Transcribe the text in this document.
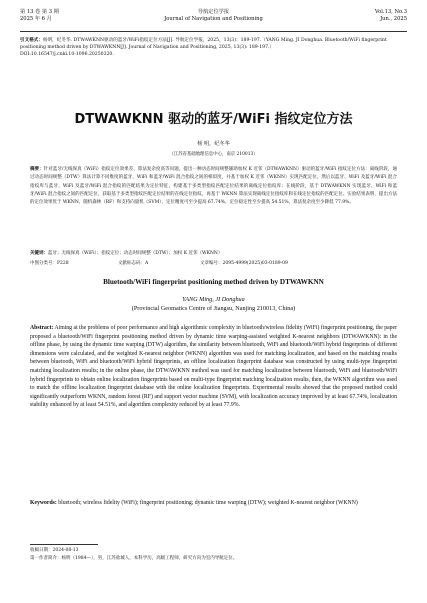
第 13 卷 第 3 期
2025 年 6 月
导航定位学报
Journal of Navigation and Positioning
Vol.13, No.3
Jun., 2025
引文格式：杨明，纪冬华. DTWAWKNN驱动的蓝牙/WiFi指纹定位方法[J]. 导航定位学报，2025，13(3)：189-197.（YANG Ming, JI Donghua. Bluetooth/WiFi fingerprint positioning method driven by DTWAWKNN[J]. Journal of Navigation and Positioning, 2025, 13(3): 189-197.）
DOI:10.16547/j.cnki.10-1096.20250320.
DTWAWKNN 驱动的蓝牙/WiFi 指纹定位方法
杨 明，纪冬华
（江苏省基础地理信息中心，南京 210013）
摘要：针对蓝牙/无线保真（WiFi）指纹定位效果差、算法复杂度高等问题，提出一种动态时间规整辅助加权 K 近邻（DTWAWKNN）驱动的蓝牙/WiFi 指纹定位方法：离线阶段，通过动态时间规整（DTW）算法计算不同维度的蓝牙、WiFi 和蓝牙/WiFi 混合指纹之间的相似度，并基于加权 K 近邻（WKNN）实现匹配定位，然后以蓝牙、WiFi 及蓝牙/WiFi 混合指纹库与蓝牙、WiFi 及蓝牙/WiFi 混合指纹的匹配结果为定位特征，构建基于多类型指纹匹配定位结果的离线定位指纹库；在线阶段，基于 DTWAWKNN 实现蓝牙、WiFi 和蓝牙/WiFi 混合指纹之间的匹配定位，获取基于多类型指纹匹配定位结果的在线定位指纹，再基于 WKNN 算法实现离线定位指纹库和在线定位指纹的匹配定位。实验结果表明，提出方法的定位效果优于 WKNN、随机森林（RF）和支持向量机（SVM），定位精度可至少提高 67.74%，定位稳定性至少提高 54.51%，算法复杂度至少降低 77.9%。
关键词：蓝牙；无线保真（WiFi）；指纹定位；动态时间规整（DTW）；加权 K 近邻（WKNN）
中图分类号：P228	文献标志码：A	文章编号：2095-4999(2025)03-0189-09
Bluetooth/WiFi fingerprint positioning method driven by DTWAWKNN
YANG Ming, JI Donghua
(Provincial Geomatics Centre of Jiangsu, Nanjing 210013, China)
Abstract: Aiming at the problems of poor performance and high algorithmic complexity in bluetooth/wireless fidelity (WiFi) fingerprint positioning, the paper proposed a bluetooth/WiFi fingerprint positioning method driven by dynamic time warping-assisted weighted K-nearest neighbors (DTWAWKNN): in the offline phase, by using the dynamic time warping (DTW) algorithm, the similarity between bluetooth, WiFi and bluetooth/WiFi hybrid fingerprints of different dimensions were calculated, and the weighted K-nearest neighbor (WKNN) algorithm was used for matching localization, and based on the matching results between bluetooth, WiFi and bluetooth/WiFi hybrid fingerprints, an offline localization fingerprint database was constructed by using multi-type fingerprint matching localization results; in the online phase, the DTWAWKNN method was used for matching localization between bluetooth, WiFi and bluetooth/WiFi hybrid fingerprints to obtain online localization fingerprints based on multi-type fingerprint matching localization results, then, the WKNN algorithm was used to match the offline localization fingerprint database with the online localization fingerprints. Experimental results showed that the proposed method could significantly outperform WKNN, random forest (RF) and support vector machine (SVM), with localization accuracy improved by at least 67.74%, localization stability enhanced by at least 54.51%, and algorithm complexity reduced by at least 77.9%.
Keywords: bluetooth; wireless fidelity (WiFi); fingerprint positioning; dynamic time warping (DTW); weighted K-nearest neighbor (WKNN)
收稿日期：2024-08-13
第一作者简介：杨明（1984—），男，江苏盐城人，本科学历，高级工程师，研究方向为室内导航定位。
